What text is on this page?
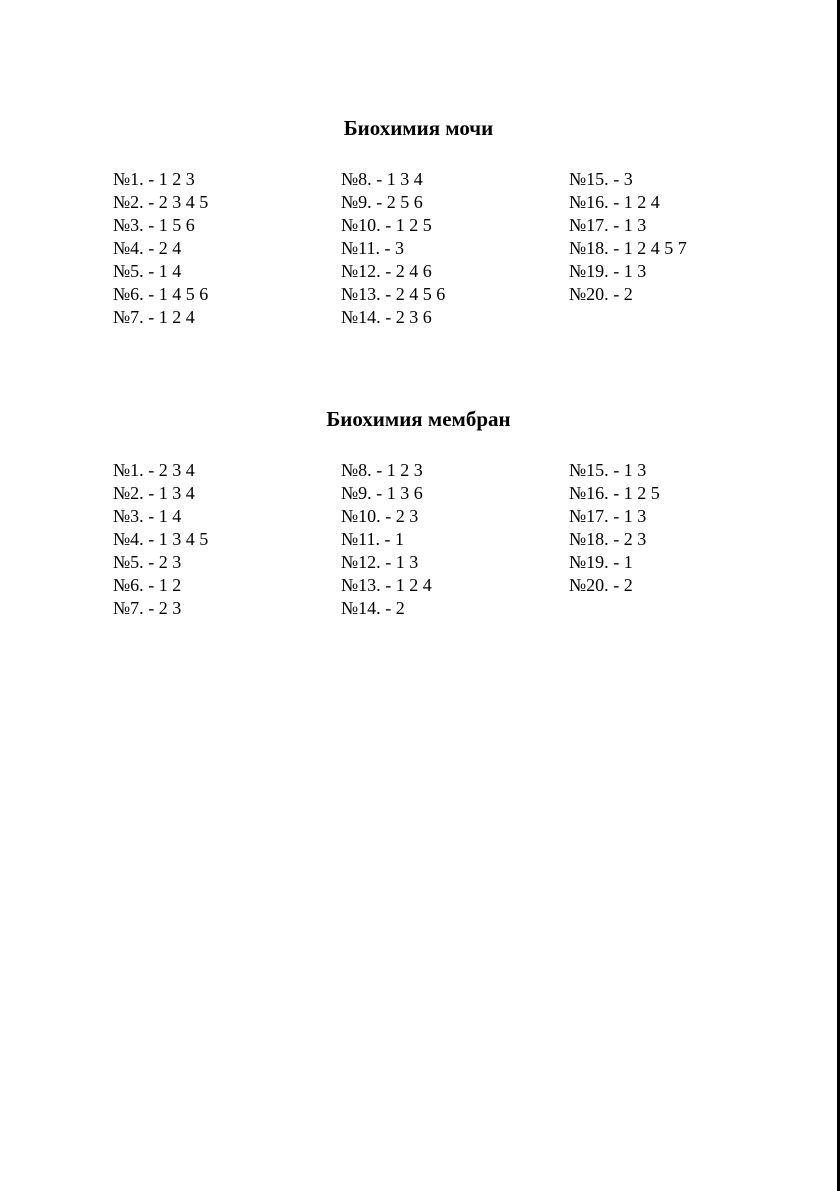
Биохимия мочи
№1. - 1 2 3
№2. - 2 3 4 5
№3. - 1 5 6
№4. - 2 4
№5. - 1 4
№6. - 1 4 5 6
№7. - 1 2 4
№8. - 1 3 4
№9. - 2 5 6
№10. - 1 2 5
№11. - 3
№12. - 2 4 6
№13. - 2 4 5 6
№14. - 2 3 6
№15. - 3
№16. - 1 2 4
№17. - 1 3
№18. - 1 2 4 5 7
№19. - 1 3
№20. - 2
Биохимия мембран
№1. - 2 3 4
№2. - 1 3 4
№3. - 1 4
№4. - 1 3 4 5
№5. - 2 3
№6. - 1 2
№7. - 2 3
№8. - 1 2 3
№9. - 1 3 6
№10. - 2 3
№11. - 1
№12. - 1 3
№13. - 1 2 4
№14. - 2
№15. - 1 3
№16. - 1 2 5
№17. - 1 3
№18. - 2 3
№19. - 1
№20. - 2
